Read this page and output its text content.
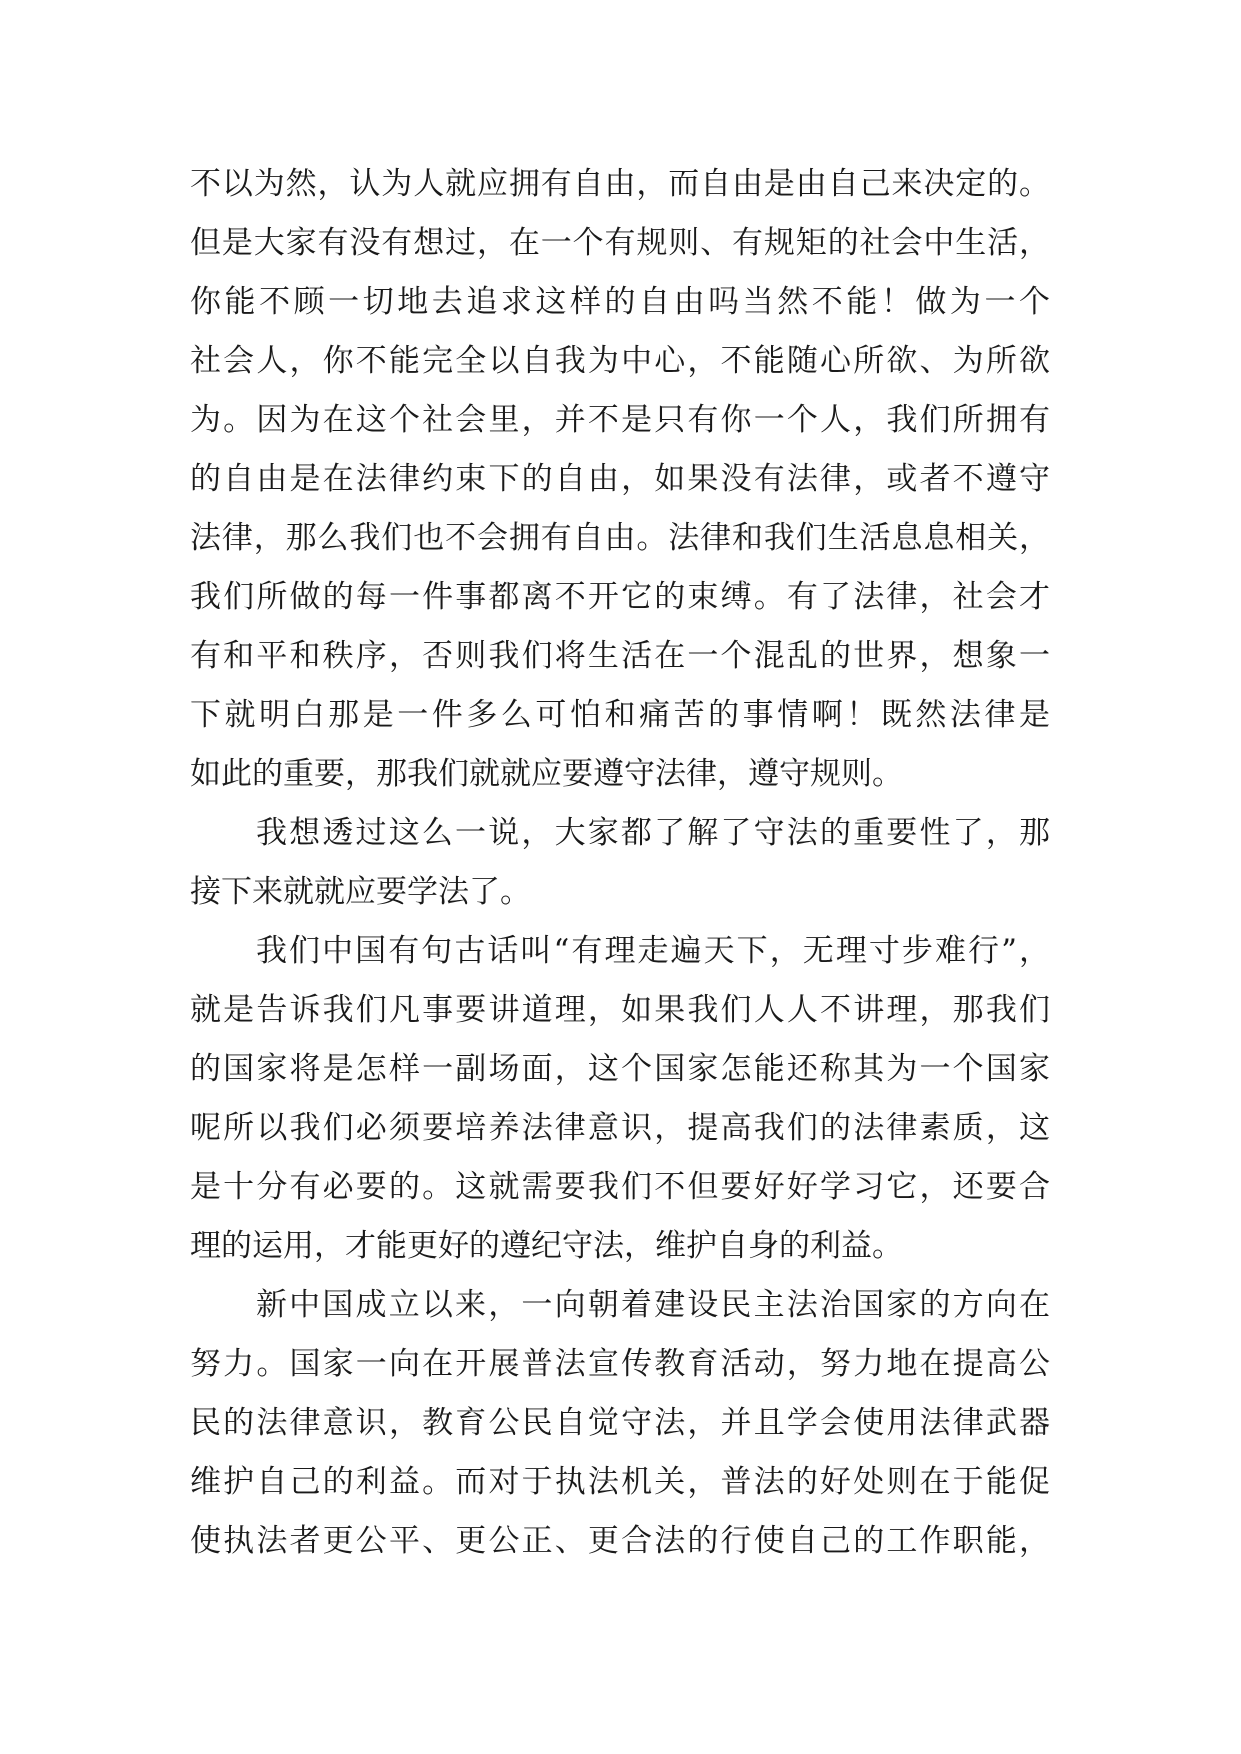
不以为然，认为人就应拥有自由，而自由是由自己来决定的。
但是大家有没有想过，在一个有规则、有规矩的社会中生活，
你能不顾一切地去追求这样的自由吗当然不能！做为一个
社会人，你不能完全以自我为中心，不能随心所欲、为所欲
为。因为在这个社会里，并不是只有你一个人，我们所拥有
的自由是在法律约束下的自由，如果没有法律，或者不遵守
法律，那么我们也不会拥有自由。法律和我们生活息息相关，
我们所做的每一件事都离不开它的束缚。有了法律，社会才
有和平和秩序，否则我们将生活在一个混乱的世界，想象一
下就明白那是一件多么可怕和痛苦的事情啊！既然法律是
如此的重要，那我们就就应要遵守法律，遵守规则。
我想透过这么一说，大家都了解了守法的重要性了，那
接下来就就应要学法了。
我们中国有句古话叫“有理走遍天下，无理寸步难行”，
就是告诉我们凡事要讲道理，如果我们人人不讲理，那我们
的国家将是怎样一副场面，这个国家怎能还称其为一个国家
呢所以我们必须要培养法律意识，提高我们的法律素质，这
是十分有必要的。这就需要我们不但要好好学习它，还要合
理的运用，才能更好的遵纪守法，维护自身的利益。
新中国成立以来，一向朝着建设民主法治国家的方向在
努力。国家一向在开展普法宣传教育活动，努力地在提高公
民的法律意识，教育公民自觉守法，并且学会使用法律武器
维护自己的利益。而对于执法机关，普法的好处则在于能促
使执法者更公平、更公正、更合法的行使自己的工作职能，
